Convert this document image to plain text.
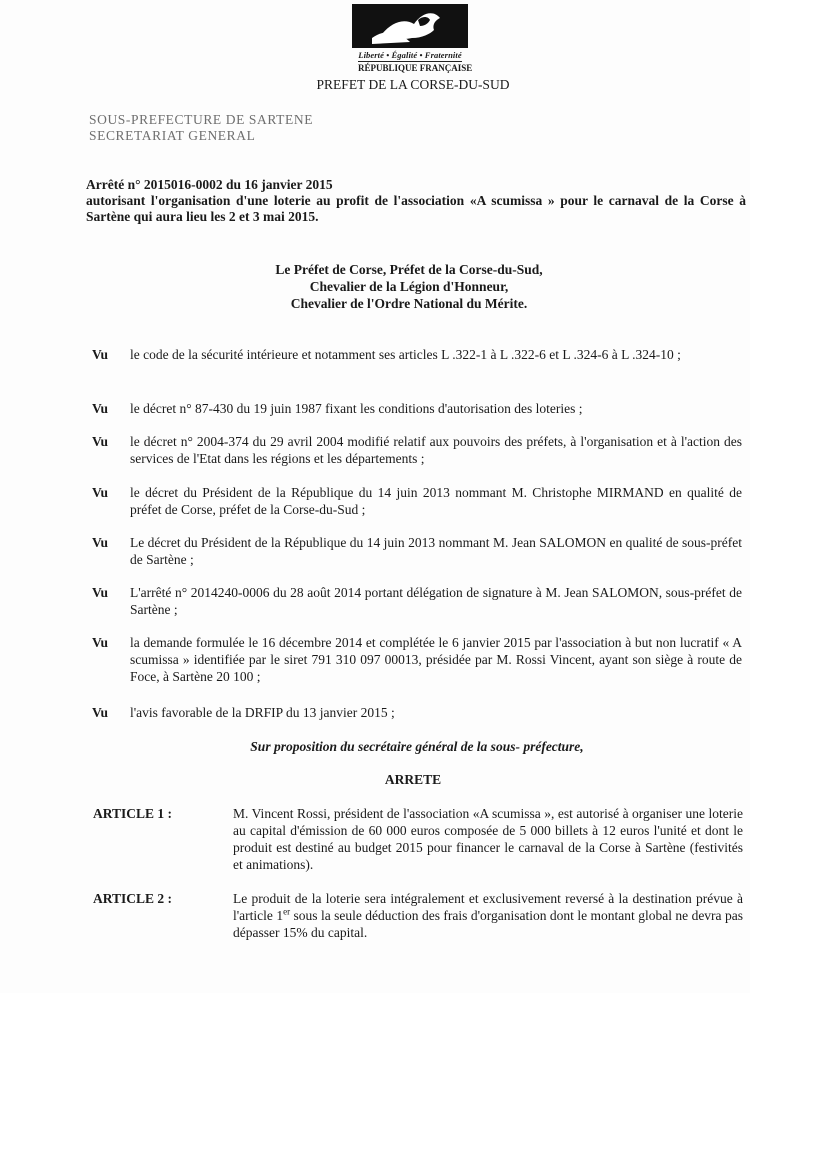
Liberté • Égalité • Fraternité
RÉPUBLIQUE FRANÇAISE
PREFET DE LA CORSE-DU-SUD
SOUS-PREFECTURE DE SARTENE
SECRETARIAT GENERAL
Arrêté n° 2015016-0002 du 16 janvier 2015
autorisant l'organisation d'une loterie au profit de l'association «A scumissa » pour le carnaval de la Corse à Sartène qui aura lieu les 2 et 3 mai 2015.
Le Préfet de Corse, Préfet de la Corse-du-Sud,
Chevalier de la Légion d'Honneur,
Chevalier de l'Ordre National du Mérite.
Vu	le code de la sécurité intérieure et notamment ses articles L .322-1 à L .322-6 et L .324-6 à L .324-10 ;
Vu	le décret n° 87-430 du 19 juin 1987 fixant les conditions d'autorisation des loteries ;
Vu	le décret n° 2004-374 du 29 avril 2004 modifié relatif aux pouvoirs des préfets, à l'organisation et à l'action des services de l'Etat dans les régions et les départements ;
Vu	le décret du Président de la République du 14 juin 2013 nommant M. Christophe MIRMAND en qualité de préfet de Corse, préfet de la Corse-du-Sud ;
Vu	Le décret du Président de la République du 14 juin 2013 nommant M. Jean SALOMON en qualité de sous-préfet de Sartène ;
Vu	L'arrêté n° 2014240-0006 du 28 août 2014 portant délégation de signature à M. Jean SALOMON, sous-préfet de Sartène ;
Vu	la demande formulée le 16 décembre 2014 et complétée le 6 janvier 2015 par l'association à but non lucratif « A scumissa » identifiée par le siret 791 310 097 00013, présidée par M. Rossi Vincent, ayant son siège à route de Foce, à Sartène 20 100 ;
Vu	l'avis favorable de la DRFIP du 13 janvier 2015 ;
Sur proposition du secrétaire général de la sous- préfecture,
ARRETE
ARTICLE 1 :	M. Vincent Rossi, président de l'association «A scumissa », est autorisé à organiser une loterie au capital d'émission de 60 000 euros composée de 5 000 billets à 12 euros l'unité et dont le produit est destiné au budget 2015 pour financer le carnaval de la Corse à Sartène (festivités et animations).
ARTICLE 2 :	Le produit de la loterie sera intégralement et exclusivement reversé à la destination prévue à l'article 1er sous la seule déduction des frais d'organisation dont le montant global ne devra pas dépasser 15% du capital.
